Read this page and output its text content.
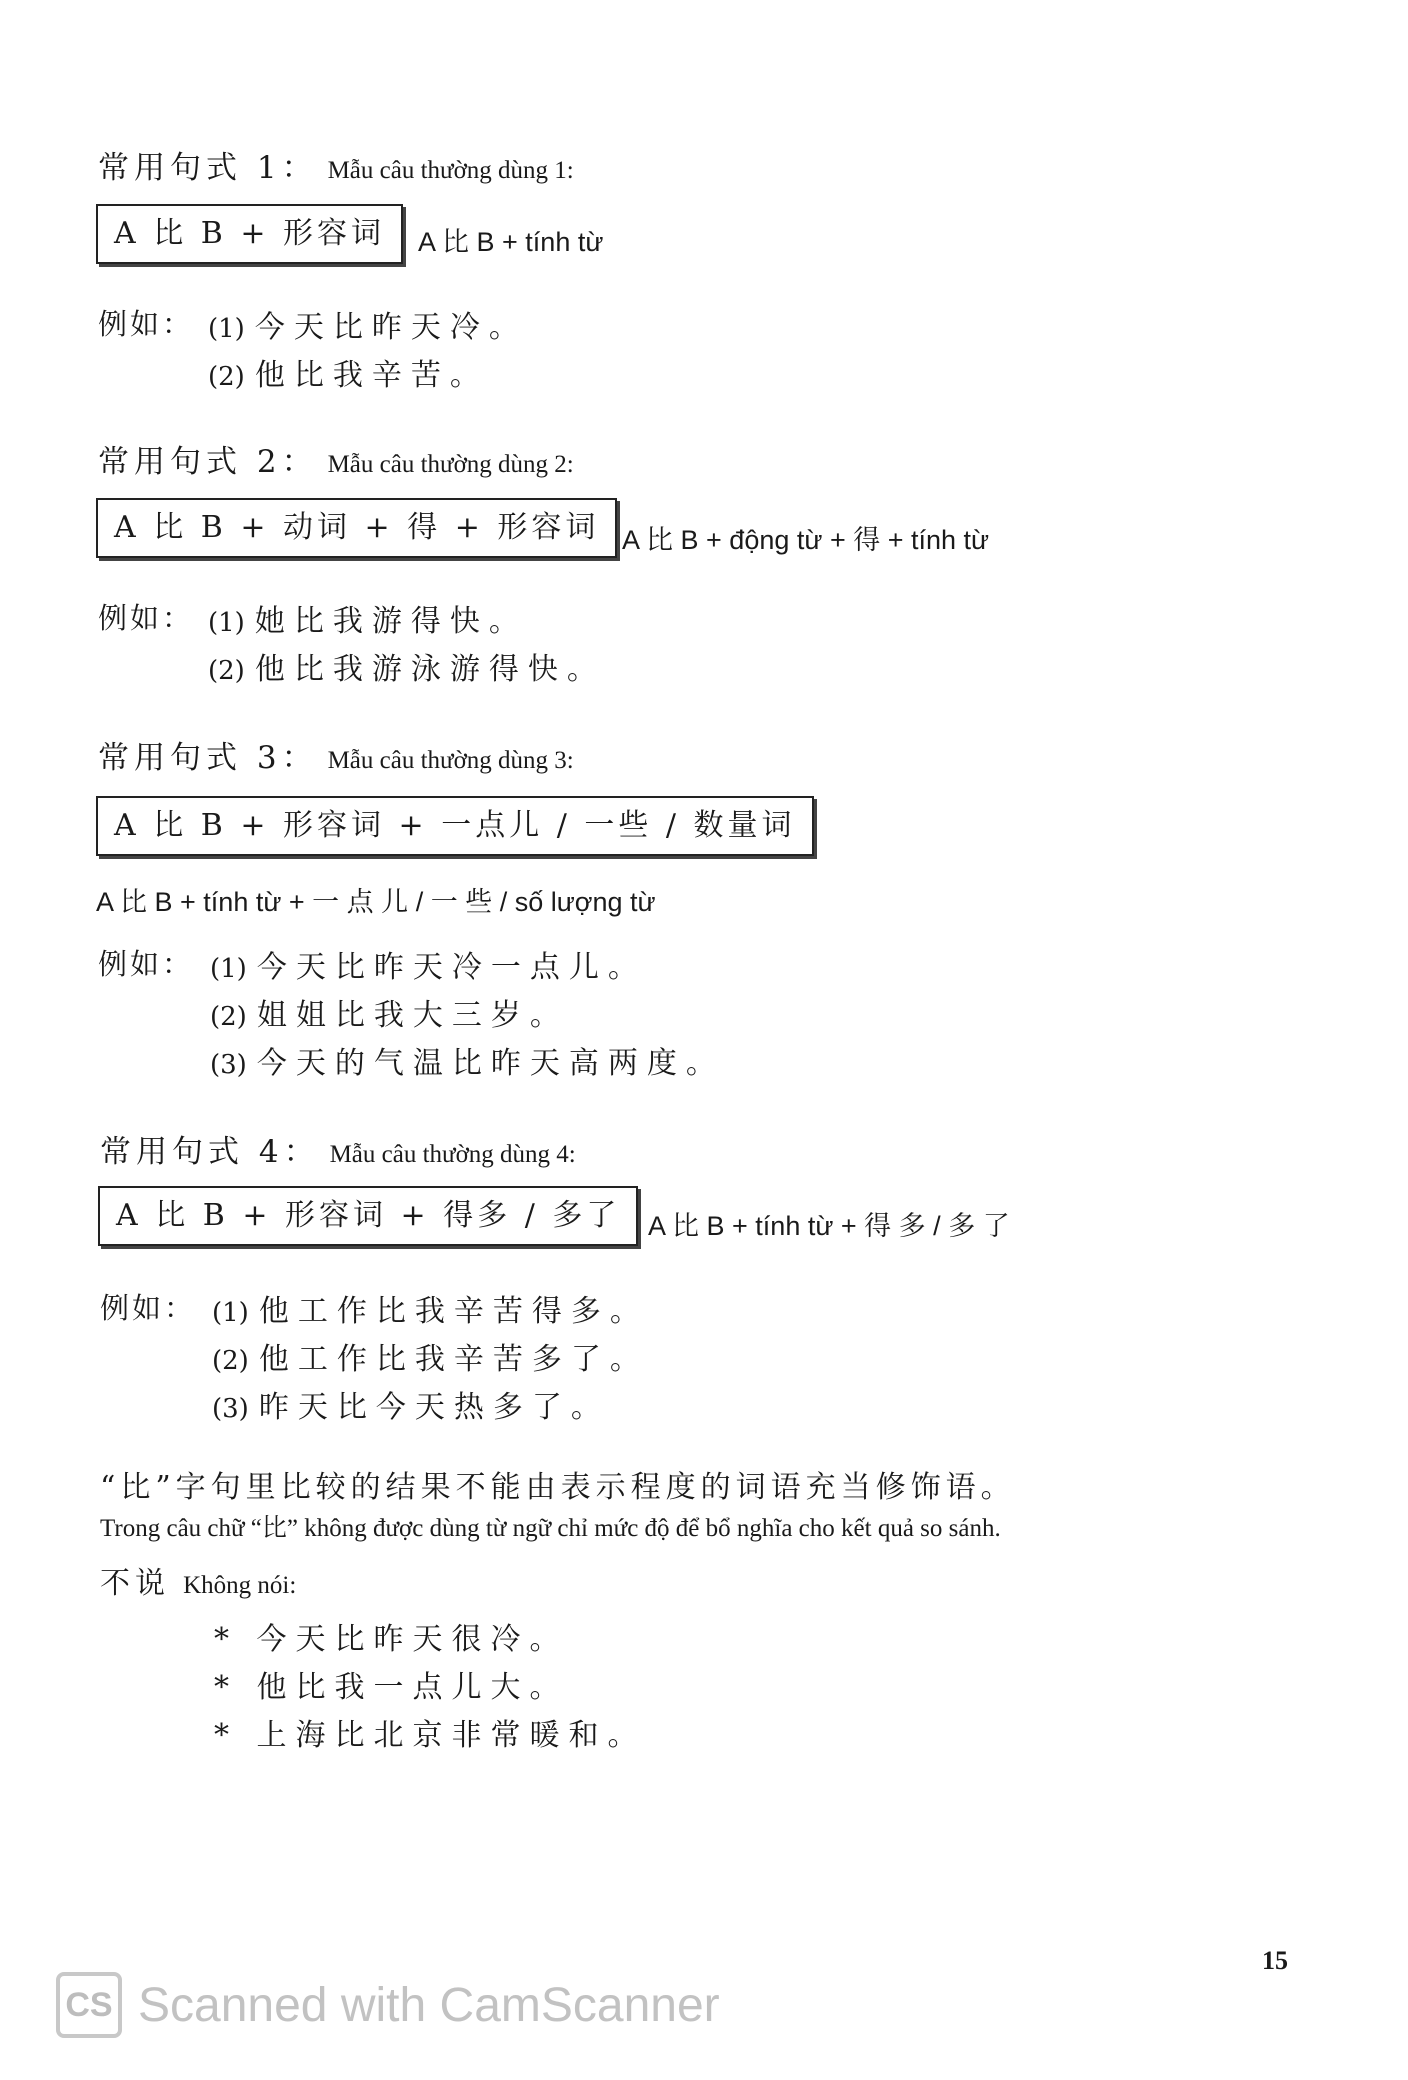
常用句式 1： Mẫu câu thường dùng 1:
A 比 B + 形容词	A 比 B + tính từ
例如： (1) 今天比昨天冷。
(2) 他比我辛苦。
常用句式 2： Mẫu câu thường dùng 2:
A 比 B + 动词 + 得 + 形容词 A 比 B + động từ + 得 + tính từ
例如： (1) 她比我游得快。
(2) 他比我游泳游得快。
常用句式 3： Mẫu câu thường dùng 3:
A 比 B + 形容词 + 一点儿 / 一些 / 数量词
A 比 B + tính từ + 一 点 儿 / 一 些 / số lượng từ
例如： (1) 今天比昨天冷一点儿。
(2) 姐姐比我大三岁。
(3) 今天的气温比昨天高两度。
常用句式 4： Mẫu câu thường dùng 4:
A 比 B + 形容词 + 得多 / 多了	A 比 B + tính từ + 得 多 / 多 了
例如： (1) 他工作比我辛苦得多。
(2) 他工作比我辛苦多了。
(3) 昨天比今天热多了。
“比”字句里比较的结果不能由表示程度的词语充当修饰语。
Trong câu chữ “比” không được dùng từ ngữ chỉ mức độ để bổ nghĩa cho kết quả so sánh.
不说 Không nói:
* 今天比昨天很冷。
* 他比我一点儿大。
* 上海比北京非常暖和。
15
CS Scanned with CamScanner
